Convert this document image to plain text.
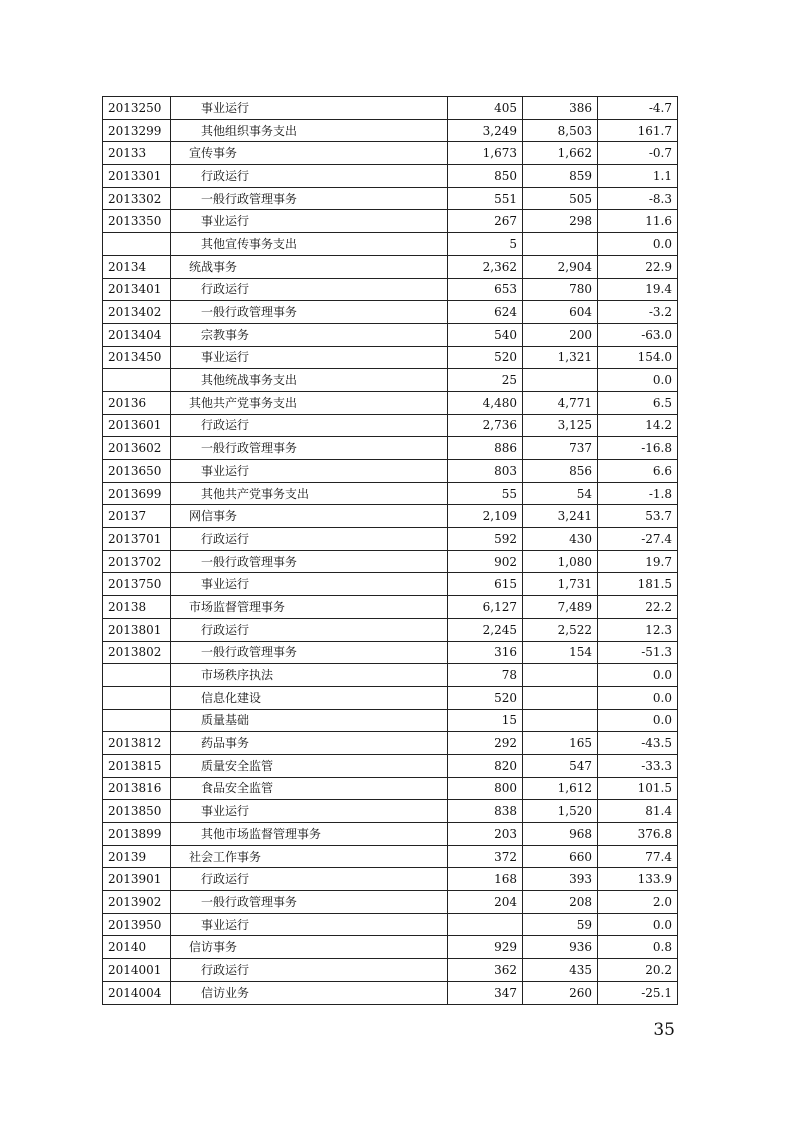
2013250	事业运行	405	386	-4.7
2013299	其他组织事务支出	3,249	8,503	161.7
20133	宣传事务	1,673	1,662	-0.7
2013301	行政运行	850	859	1.1
2013302	一般行政管理事务	551	505	-8.3
2013350	事业运行	267	298	11.6
	其他宣传事务支出	5		0.0
20134	统战事务	2,362	2,904	22.9
2013401	行政运行	653	780	19.4
2013402	一般行政管理事务	624	604	-3.2
2013404	宗教事务	540	200	-63.0
2013450	事业运行	520	1,321	154.0
	其他统战事务支出	25		0.0
20136	其他共产党事务支出	4,480	4,771	6.5
2013601	行政运行	2,736	3,125	14.2
2013602	一般行政管理事务	886	737	-16.8
2013650	事业运行	803	856	6.6
2013699	其他共产党事务支出	55	54	-1.8
20137	网信事务	2,109	3,241	53.7
2013701	行政运行	592	430	-27.4
2013702	一般行政管理事务	902	1,080	19.7
2013750	事业运行	615	1,731	181.5
20138	市场监督管理事务	6,127	7,489	22.2
2013801	行政运行	2,245	2,522	12.3
2013802	一般行政管理事务	316	154	-51.3
	市场秩序执法	78		0.0
	信息化建设	520		0.0
	质量基础	15		0.0
2013812	药品事务	292	165	-43.5
2013815	质量安全监管	820	547	-33.3
2013816	食品安全监管	800	1,612	101.5
2013850	事业运行	838	1,520	81.4
2013899	其他市场监督管理事务	203	968	376.8
20139	社会工作事务	372	660	77.4
2013901	行政运行	168	393	133.9
2013902	一般行政管理事务	204	208	2.0
2013950	事业运行		59	0.0
20140	信访事务	929	936	0.8
2014001	行政运行	362	435	20.2
2014004	信访业务	347	260	-25.1
35
